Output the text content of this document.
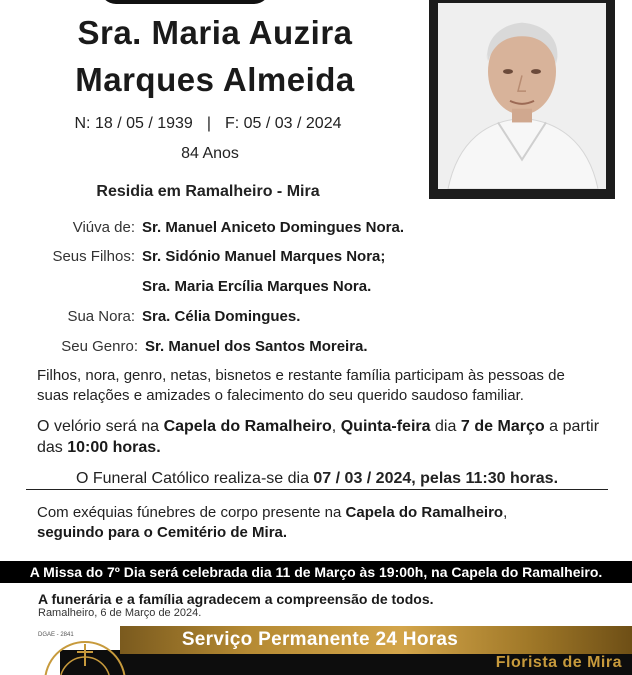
Sra. Maria Auzira
Marques Almeida
N: 18 / 05 / 1939 | F: 05 / 03 / 2024
84 Anos
Residia em Ramalheiro - Mira
Viúva de: Sr. Manuel Aniceto Domingues Nora.
Seus Filhos: Sr. Sidónio Manuel Marques Nora;
Sra. Maria Ercília Marques Nora.
Sua Nora: Sra. Célia Domingues.
Seu Genro: Sr. Manuel dos Santos Moreira.
Filhos, nora, genro, netas, bisnetos e restante família participam às pessoas de suas relações e amizades o falecimento do seu querido saudoso familiar.
O velório será na Capela do Ramalheiro, Quinta-feira dia 7 de Março a partir das 10:00 horas.
O Funeral Católico realiza-se dia 07 / 03 / 2024, pelas 11:30 horas.
Com exéquias fúnebres de corpo presente na Capela do Ramalheiro,
seguindo para o Cemitério de Mira.
A Missa do 7º Dia será celebrada dia 11 de Março às 19:00h, na Capela do Ramalheiro.
A funerária e a família agradecem a compreensão de todos.
Ramalheiro, 6 de Março de 2024.
DGAE - 2841	Serviço Permanente 24 Horas
Florista de Mira
